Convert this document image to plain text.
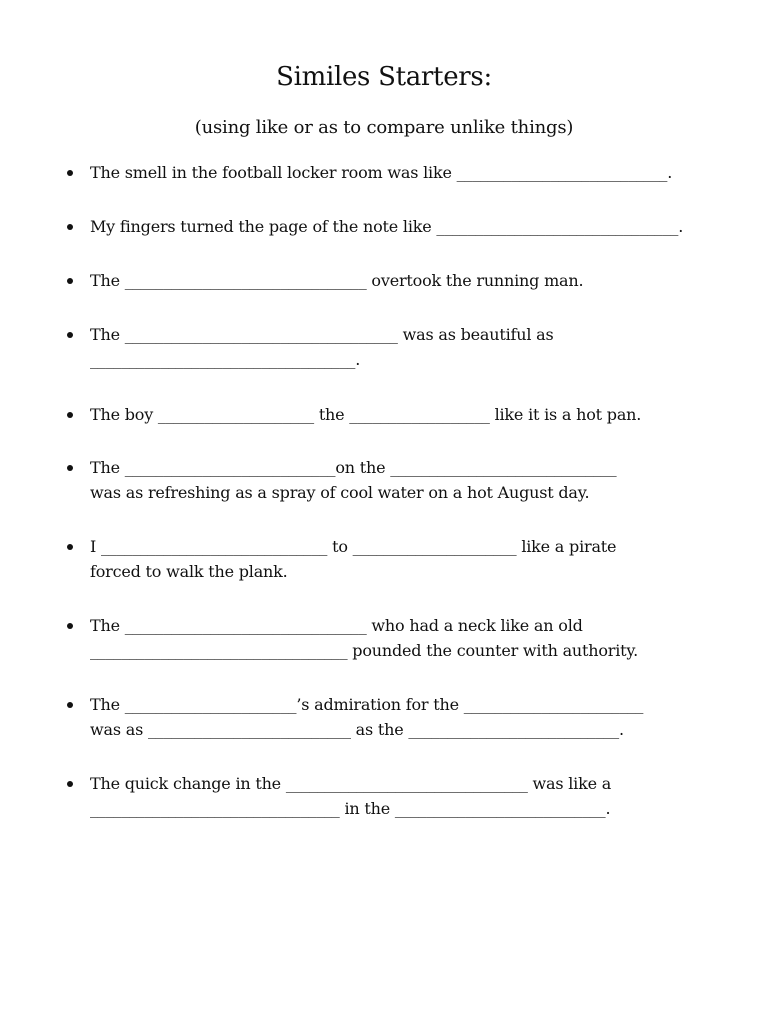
Similes Starters:
(using like or as to compare unlike things)
The smell in the football locker room was like ___________________________.
My fingers turned the page of the note like _______________________________.
The _______________________________ overtook the running man.
The ___________________________________ was as beautiful as
__________________________________.
The boy ____________________ the __________________ like it is a hot pan.
The ___________________________on the _____________________________
was as refreshing as a spray of cool water on a hot August day.
I _____________________________ to _____________________ like a pirate
forced to walk the plank.
The _______________________________ who had a neck like an old
_________________________________ pounded the counter with authority.
The ______________________’s admiration for the _______________________
was as __________________________ as the ___________________________.
The quick change in the _______________________________ was like a
________________________________ in the ___________________________.
